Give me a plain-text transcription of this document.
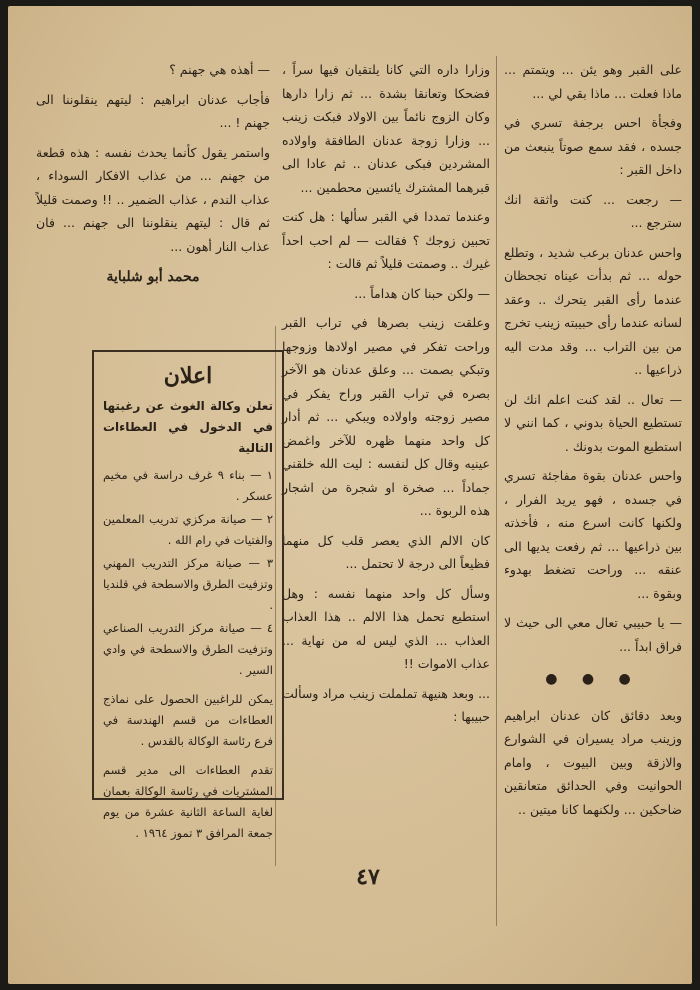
على القبر وهو يئن ... ويتمتم ... ماذا فعلت ... ماذا بقي لي ...

وفجأة احس برجفة تسري في جسده ، فقد سمع صوتاً ينبعث من داخل القبر :

— رجعت ... كنت واثقة انك سترجع ...

واحس عدنان برعب شديد ، وتطلع حوله ... ثم بدأت عيناه تجحظان عندما رأى القبر يتحرك .. وعقد لسانه عندما رأى حبيبته زينب تخرج من بين التراب ... وقد مدت اليه ذراعيها ..

— تعال .. لقد كنت اعلم انك لن تستطيع الحياة بدوني ، كما انني لا استطيع الموت بدونك .

واحس عدنان بقوة مفاجئة تسري في جسده ، فهو يريد الفرار ، ولكنها كانت اسرع منه ، فأخذته بين ذراعيها ... ثم رفعت يديها الى عنقه ... وراحت تضغط بهدوء وبقوة ...

— يا حبيبي تعال معي الى حيث لا فراق ابداً ...

● ● ●

وبعد دقائق كان عدنان ابراهيم وزينب مراد يسيران في الشوارع والازقة وبين البيوت ، وامام الحوانيت وفي الحدائق متعانقين ضاحكين ... ولكنهما كانا ميتين ..

وزارا داره التي كانا يلتقيان فيها سراً ، فضحكا وتعانقا بشدة ... ثم زارا دارها وكان الزوج نائماً بين الاولاد فبكت زينب ... وزارا زوجة عدنان الطافقة واولاده المشردين فبكى عدنان .. ثم عادا الى قبرهما المشترك يائسين محطمين ...

وعندما تمددا في القبر سألها : هل كنت تحبين زوجك ؟ فقالت — لم احب احداً غيرك .. وصمتت قليلاً ثم قالت :

— ولكن حبنا كان هداماً ...

وعلقت زينب بصرها في تراب القبر وراحت تفكر في مصير اولادها وزوجها وتبكي بصمت ... وعلق عدنان هو الآخر بصره في تراب القبر وراح يفكر في مصير زوجته واولاده ويبكي ... ثم أدار كل واحد منهما ظهره للآخر واغمض عينيه وقال كل لنفسه : ليت الله خلقني جماداً ... صخرة او شجرة من اشجار هذه الربوة ...

كان الالم الذي يعصر قلب كل منهما فظيعاً الى درجة لا تحتمل ...

وسأل كل واحد منهما نفسه : وهل استطيع تحمل هذا الالم .. هذا العذاب العذاب ... الذي ليس له من نهاية ... عذاب الاموات !!

... وبعد هنيهة تململت زينب مراد وسألت حبيبها :

— أهذه هي جهنم ؟

فأجاب عدنان ابراهيم : ليتهم ينقلوننا الى جهنم ! ...

واستمر يقول كأنما يحدث نفسه : هذه قطعة من جهنم ... من عذاب الافكار السوداء ، عذاب الندم ، عذاب الضمير .. !! وصمت قليلاً ثم قال : ليتهم ينقلوننا الى جهنم ... فان عذاب النار أهون ...

محمد أبو شلباية
اعلان
تعلن وكالة الغوث عن رغبتها في الدخول في العطاءات التالية
١ — بناء ٩ غرف دراسة في مخيم عسكر .
٢ — صيانة مركزي تدريب المعلمين والفتيات في رام الله .
٣ — صيانة مركز التدريب المهني وتزفيت الطرق والاسطحة في قلنديا .
٤ — صيانة مركز التدريب الصناعي وتزفيت الطرق والاسطحة في وادي السير .

يمكن للراغبين الحصول على نماذج العطاءات من قسم الهندسة في فرع رئاسة الوكالة بالقدس .

تقدم العطاءات الى مدير قسم المشتريات في رئاسة الوكالة بعمان لغاية الساعة الثانية عشرة من يوم جمعة المرافق ٣ تموز ١٩٦٤ .

٤٧
